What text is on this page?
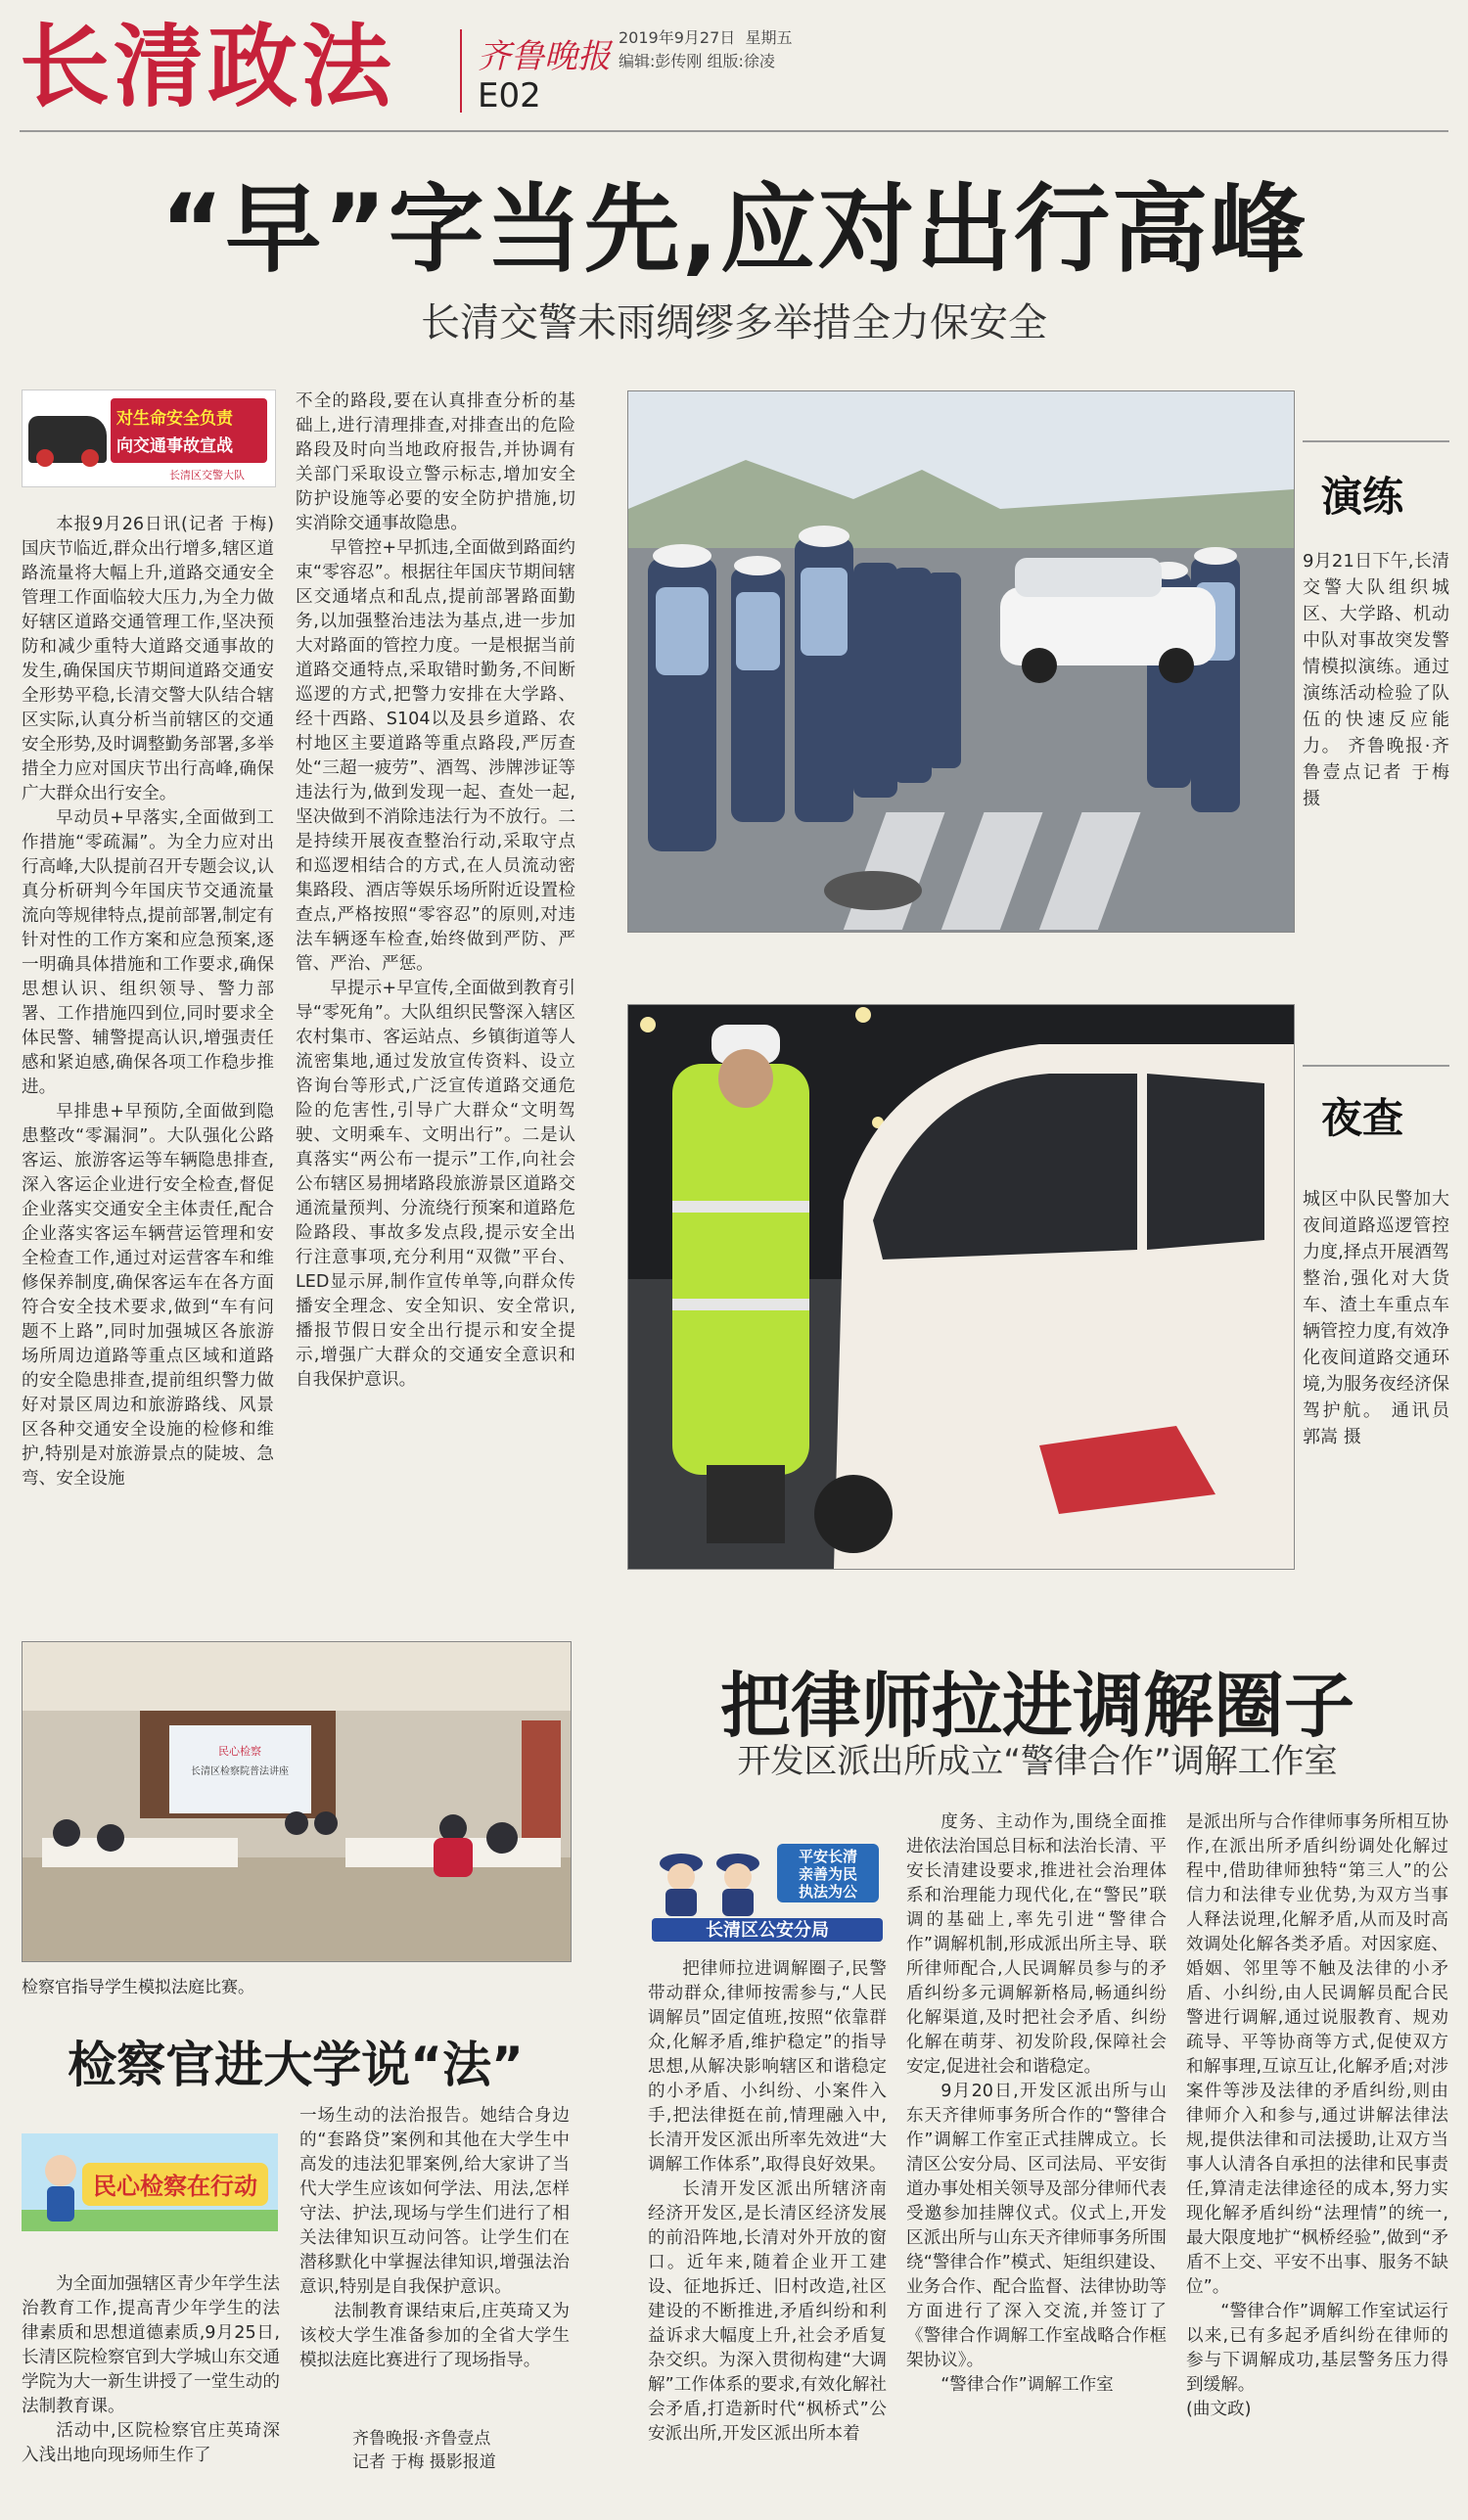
长清政法 齐鲁晚报 2019年9月27日 星期五
编辑:彭传刚 组版:徐凌
E02
“早”字当先,应对出行高峰
长清交警未雨绸缪多举措全力保安全
对生命安全负责
向交通事故宣战
长清区交警大队

本报9月26日讯(记者 于梅) 国庆节临近,群众出行增多,辖区道路流量将大幅上升,道路交通安全管理工作面临较大压力,为全力做好辖区道路交通管理工作,坚决预防和减少重特大道路交通事故的发生,确保国庆节期间道路交通安全形势平稳,长清交警大队结合辖区实际,认真分析当前辖区的交通安全形势,及时调整勤务部署,多举措全力应对国庆节出行高峰,确保广大群众出行安全。

早动员+早落实,全面做到工作措施“零疏漏”。为全力应对出行高峰,大队提前召开专题会议,认真分析研判今年国庆节交通流量流向等规律特点,提前部署,制定有针对性的工作方案和应急预案,逐一明确具体措施和工作要求,确保思想认识、组织领导、警力部署、工作措施四到位,同时要求全体民警、辅警提高认识,增强责任感和紧迫感,确保各项工作稳步推进。

早排患+早预防,全面做到隐患整改“零漏洞”。大队强化公路客运、旅游客运等车辆隐患排查,深入客运企业进行安全检查,督促企业落实交通安全主体责任,配合企业落实客运车辆营运管理和安全检查工作,通过对运营客车和维修保养制度,确保客运车在各方面符合安全技术要求,做到“车有问题不上路”,同时加强城区各旅游场所周边道路等重点区域和道路的安全隐患排查,提前组织警力做好对景区周边和旅游路线、风景区各种交通安全设施的检修和维护,特别是对旅游景点的陡坡、急弯、安全设施

不全的路段,要在认真排查分析的基础上,进行清理排查,对排查出的危险路段及时向当地政府报告,并协调有关部门采取设立警示标志,增加安全防护设施等必要的安全防护措施,切实消除交通事故隐患。

早管控+早抓违,全面做到路面约束“零容忍”。根据往年国庆节期间辖区交通堵点和乱点,提前部署路面勤务,以加强整治违法为基点,进一步加大对路面的管控力度。一是根据当前道路交通特点,采取错时勤务,不间断巡逻的方式,把警力安排在大学路、经十西路、S104以及县乡道路、农村地区主要道路等重点路段,严厉查处“三超一疲劳”、酒驾、涉牌涉证等违法行为,做到发现一起、查处一起,坚决做到不消除违法行为不放行。二是持续开展夜查整治行动,采取守点和巡逻相结合的方式,在人员流动密集路段、酒店等娱乐场所附近设置检查点,严格按照“零容忍”的原则,对违法车辆逐车检查,始终做到严防、严管、严治、严惩。

早提示+早宣传,全面做到教育引导“零死角”。大队组织民警深入辖区农村集市、客运站点、乡镇街道等人流密集地,通过发放宣传资料、设立咨询台等形式,广泛宣传道路交通危险的危害性,引导广大群众“文明驾驶、文明乘车、文明出行”。二是认真落实“两公布一提示”工作,向社会公布辖区易拥堵路段旅游景区道路交通流量预判、分流绕行预案和道路危险路段、事故多发点段,提示安全出行注意事项,充分利用“双微”平台、LED显示屏,制作宣传单等,向群众传播安全理念、安全知识、安全常识,播报节假日安全出行提示和安全提示,增强广大群众的交通安全意识和自我保护意识。

演练
9月21日下午,长清交警大队组织城区、大学路、机动中队对事故突发警情模拟演练。通过演练活动检验了队伍的快速反应能力。 齐鲁晚报·齐鲁壹点记者 于梅 摄
夜查
城区中队民警加大夜间道路巡逻管控力度,择点开展酒驾整治,强化对大货车、渣土车重点车辆管控力度,有效净化夜间道路交通环境,为服务夜经济保驾护航。 通讯员 郭嵩 摄
民心检察
长清区检察院普法讲座
检察官指导学生模拟法庭比赛。
检察官进大学说“法”
民心检察在行动

为全面加强辖区青少年学生法治教育工作,提高青少年学生的法律素质和思想道德素质,9月25日,长清区院检察官到大学城山东交通学院为大一新生讲授了一堂生动的法制教育课。

活动中,区院检察官庄英琦深入浅出地向现场师生作了

一场生动的法治报告。她结合身边的“套路贷”案例和其他在大学生中高发的违法犯罪案例,给大家讲了当代大学生应该如何学法、用法,怎样守法、护法,现场与学生们进行了相关法律知识互动问答。让学生们在潜移默化中掌握法律知识,增强法治意识,特别是自我保护意识。

法制教育课结束后,庄英琦又为该校大学生准备参加的全省大学生模拟法庭比赛进行了现场指导。

齐鲁晚报·齐鲁壹点

记者 于梅 摄影报道

把律师拉进调解圈子
开发区派出所成立“警律合作”调解工作室
平安长清
亲善为民
执法为公
长清区公安分局

把律师拉进调解圈子,民警带动群众,律师按需参与,“人民调解员”固定值班,按照“依靠群众,化解矛盾,维护稳定”的指导思想,从解决影响辖区和谐稳定的小矛盾、小纠纷、小案件入手,把法律挺在前,情理融入中,长清开发区派出所率先效进“大调解工作体系”,取得良好效果。

长清开发区派出所辖济南经济开发区,是长清区经济发展的前沿阵地,长清对外开放的窗口。近年来,随着企业开工建设、征地拆迁、旧村改造,社区建设的不断推进,矛盾纠纷和利益诉求大幅度上升,社会矛盾复杂交织。为深入贯彻构建“大调解”工作体系的要求,有效化解社会矛盾,打造新时代“枫桥式”公安派出所,开发区派出所本着

度务、主动作为,围绕全面推进依法治国总目标和法治长清、平安长清建设要求,推进社会治理体系和治理能力现代化,在“警民”联调的基础上,率先引进“警律合作”调解机制,形成派出所主导、联所律师配合,人民调解员参与的矛盾纠纷多元调解新格局,畅通纠纷化解渠道,及时把社会矛盾、纠纷化解在萌芽、初发阶段,保障社会安定,促进社会和谐稳定。

9月20日,开发区派出所与山东天齐律师事务所合作的“警律合作”调解工作室正式挂牌成立。长清区公安分局、区司法局、平安街道办事处相关领导及部分律师代表受邀参加挂牌仪式。仪式上,开发区派出所与山东天齐律师事务所围绕“警律合作”模式、矩组织建设、业务合作、配合监督、法律协助等方面进行了深入交流,并签订了《警律合作调解工作室战略合作框架协议》。

“警律合作”调解工作室

是派出所与合作律师事务所相互协作,在派出所矛盾纠纷调处化解过程中,借助律师独特“第三人”的公信力和法律专业优势,为双方当事人释法说理,化解矛盾,从而及时高效调处化解各类矛盾。对因家庭、婚姻、邻里等不触及法律的小矛盾、小纠纷,由人民调解员配合民警进行调解,通过说服教育、规劝疏导、平等协商等方式,促使双方和解事理,互谅互让,化解矛盾;对涉案件等涉及法律的矛盾纠纷,则由律师介入和参与,通过讲解法律法规,提供法律和司法援助,让双方当事人认清各自承担的法律和民事责任,算清走法律途径的成本,努力实现化解矛盾纠纷“法理情”的统一,最大限度地扩“枫桥经验”,做到“矛盾不上交、平安不出事、服务不缺位”。

“警律合作”调解工作室试运行以来,已有多起矛盾纠纷在律师的参与下调解成功,基层警务压力得到缓解。

(曲文政)
